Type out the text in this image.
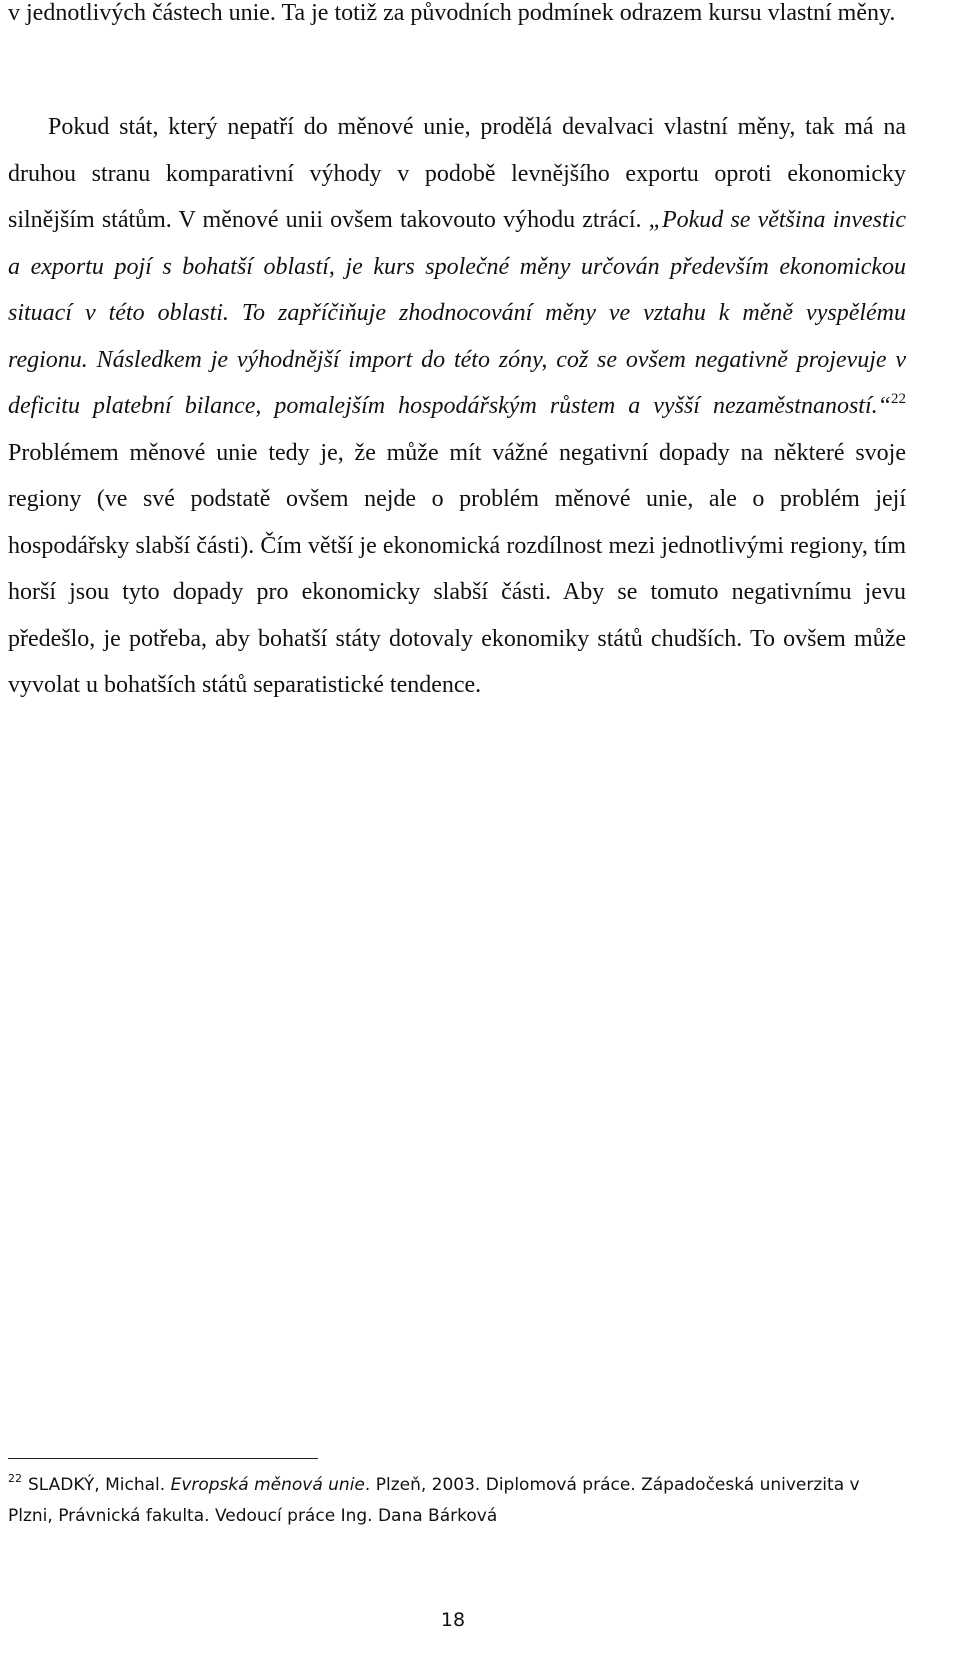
v jednotlivých částech unie. Ta je totiž za původních podmínek odrazem kursu vlastní měny.

Pokud stát, který nepatří do měnové unie, prodělá devalvaci vlastní měny, tak má na druhou stranu komparativní výhody v podobě levnějšího exportu oproti ekonomicky silnějším státům. V měnové unii ovšem takovouto výhodu ztrácí. „Pokud se většina investic a exportu pojí s bohatší oblastí, je kurs společné měny určován především ekonomickou situací v této oblasti. To zapříčiňuje zhodnocování měny ve vztahu k měně vyspělému regionu. Následkem je výhodnější import do této zóny, což se ovšem negativně projevuje v deficitu platební bilance, pomalejším hospodářským růstem a vyšší nezaměstnaností.“$^{22}$ Problémem měnové unie tedy je, že může mít vážné negativní dopady na některé svoje regiony (ve své podstatě ovšem nejde o problém měnové unie, ale o problém její hospodářsky slabší části). Čím větší je ekonomická rozdílnost mezi jednotlivými regiony, tím horší jsou tyto dopady pro ekonomicky slabší části. Aby se tomuto negativnímu jevu předešlo, je potřeba, aby bohatší státy dotovaly ekonomiky států chudších. To ovšem může vyvolat u bohatších států separatistické tendence.

$^{22}$ SLADKÝ, Michal. Evropská měnová unie. Plzeň, 2003. Diplomová práce. Západočeská univerzita v Plzni, Právnická fakulta. Vedoucí práce Ing. Dana Bárková

18
